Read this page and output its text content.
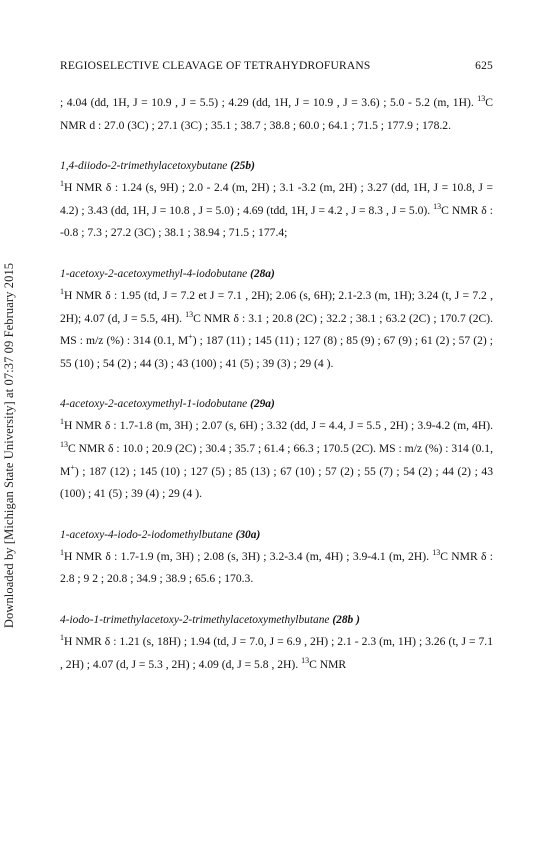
Downloaded by [Michigan State University] at 07:37 09 February 2015
REGIOSELECTIVE CLEAVAGE OF TETRAHYDROFURANS	625

; 4.04 (dd, 1H, J = 10.9 , J = 5.5) ; 4.29 (dd, 1H, J = 10.9 , J = 3.6) ; 5.0 - 5.2 (m, 1H). $^{13}$C NMR d : 27.0 (3C) ; 27.1 (3C) ; 35.1 ; 38.7 ; 38.8 ; 60.0 ; 64.1 ; 71.5 ; 177.9 ; 178.2.

1,4-diiodo-2-trimethylacetoxybutane (25b)

$^1$H NMR δ : 1.24 (s, 9H) ; 2.0 - 2.4 (m, 2H) ; 3.1 -3.2 (m, 2H) ; 3.27 (dd, 1H, J = 10.8, J = 4.2) ; 3.43 (dd, 1H, J = 10.8 , J = 5.0) ; 4.69 (tdd, 1H, J = 4.2 , J = 8.3 , J = 5.0). $^{13}$C NMR δ : -0.8 ; 7.3 ; 27.2 (3C) ; 38.1 ; 38.94 ; 71.5 ; 177.4;

1-acetoxy-2-acetoxymethyl-4-iodobutane (28a)

$^1$H NMR δ : 1.95 (td, J = 7.2 et J = 7.1 , 2H); 2.06 (s, 6H); 2.1-2.3 (m, 1H); 3.24 (t, J = 7.2 , 2H); 4.07 (d, J = 5.5, 4H). $^{13}$C NMR δ : 3.1 ; 20.8 (2C) ; 32.2 ; 38.1 ; 63.2 (2C) ; 170.7 (2C). MS : m/z (%) : 314 (0.1, M+) ; 187 (11) ; 145 (11) ; 127 (8) ; 85 (9) ; 67 (9) ; 61 (2) ; 57 (2) ; 55 (10) ; 54 (2) ; 44 (3) ; 43 (100) ; 41 (5) ; 39 (3) ; 29 (4 ).

4-acetoxy-2-acetoxymethyl-1-iodobutane (29a)

$^1$H NMR δ : 1.7-1.8 (m, 3H) ; 2.07 (s, 6H) ; 3.32 (dd, J = 4.4, J = 5.5 , 2H) ; 3.9-4.2 (m, 4H). $^{13}$C NMR δ : 10.0 ; 20.9 (2C) ; 30.4 ; 35.7 ; 61.4 ; 66.3 ; 170.5 (2C). MS : m/z (%) : 314 (0.1, M+) ; 187 (12) ; 145 (10) ; 127 (5) ; 85 (13) ; 67 (10) ; 57 (2) ; 55 (7) ; 54 (2) ; 44 (2) ; 43 (100) ; 41 (5) ; 39 (4) ; 29 (4 ).

1-acetoxy-4-iodo-2-iodomethylbutane (30a)

$^1$H NMR δ : 1.7-1.9 (m, 3H) ; 2.08 (s, 3H) ; 3.2-3.4 (m, 4H) ; 3.9-4.1 (m, 2H). $^{13}$C NMR δ : 2.8 ; 9 2 ; 20.8 ; 34.9 ; 38.9 ; 65.6 ; 170.3.

4-iodo-1-trimethylacetoxy-2-trimethylacetoxymethylbutane (28b )

$^1$H NMR δ : 1.21 (s, 18H) ; 1.94 (td, J = 7.0, J = 6.9 , 2H) ; 2.1 - 2.3 (m, 1H) ; 3.26 (t, J = 7.1 , 2H) ; 4.07 (d, J = 5.3 , 2H) ; 4.09 (d, J = 5.8 , 2H). $^{13}$C NMR
